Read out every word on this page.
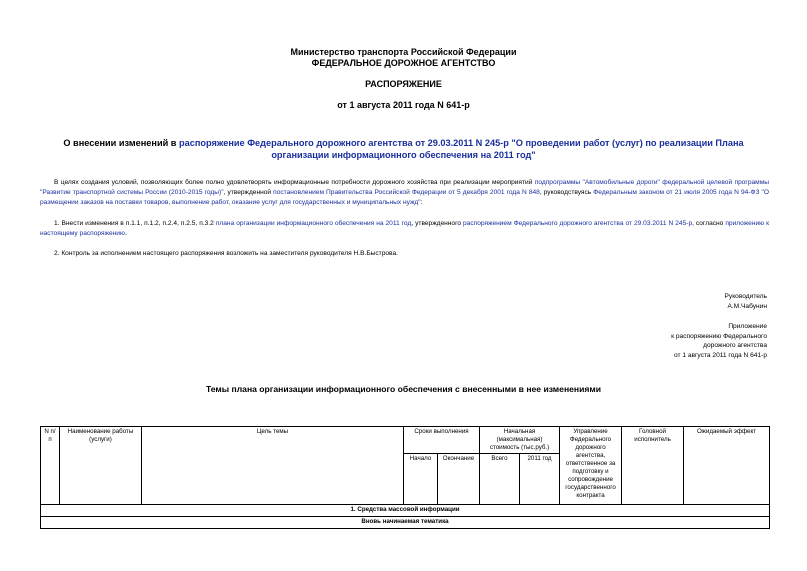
Министерство транспорта Российской Федерации
ФЕДЕРАЛЬНОЕ ДОРОЖНОЕ АГЕНТСТВО
РАСПОРЯЖЕНИЕ
от 1 августа 2011 года N 641-р
О внесении изменений в распоряжение Федерального дорожного агентства от 29.03.2011 N 245-р "О проведении работ (услуг) по реализации Плана организации информационного обеспечения на 2011 год"
В целях создания условий, позволяющих более полно удовлетворять информационные потребности дорожного хозяйства при реализации мероприятий подпрограммы "Автомобильные дороги" федеральной целевой программы "Развитие транспортной системы России (2010-2015 годы)", утвержденной постановлением Правительства Российской Федерации от 5 декабря 2001 года N 848, руководствуясь Федеральным законом от 21 июля 2005 года N 94-ФЗ "О размещении заказов на поставки товаров, выполнение работ, оказание услуг для государственных и муниципальных нужд":
1. Внести изменения в п.1.1, п.1.2, п.2.4, п.2.5, п.3.2 плана организации информационного обеспечения на 2011 год, утвержденного распоряжением Федерального дорожного агентства от 29.03.2011 N 245-р, согласно приложению к настоящему распоряжению.
2. Контроль за исполнением настоящего распоряжения возложить на заместителя руководителя Н.В.Быстрова.
Руководитель
А.М.Чабунин
Приложение
к распоряжению Федерального
дорожного агентства
от 1 августа 2011 года N 641-р
Темы плана организации информационного обеспечения с внесенными в нее изменениями
N п/п	Наименование работы (услуги)	Цель темы	Сроки выполнения		Начальная (максимальная) стоимость (тыс.руб.)		Управление Федерального дорожного агентства, ответственное за подготовку и сопровождение государственного контракта	Головной исполнитель	Ожидаемый эффект
			Начало	Окончание	Всего	2011 год			
1. Средства массовой информации									
Вновь начинаемая тематика									
